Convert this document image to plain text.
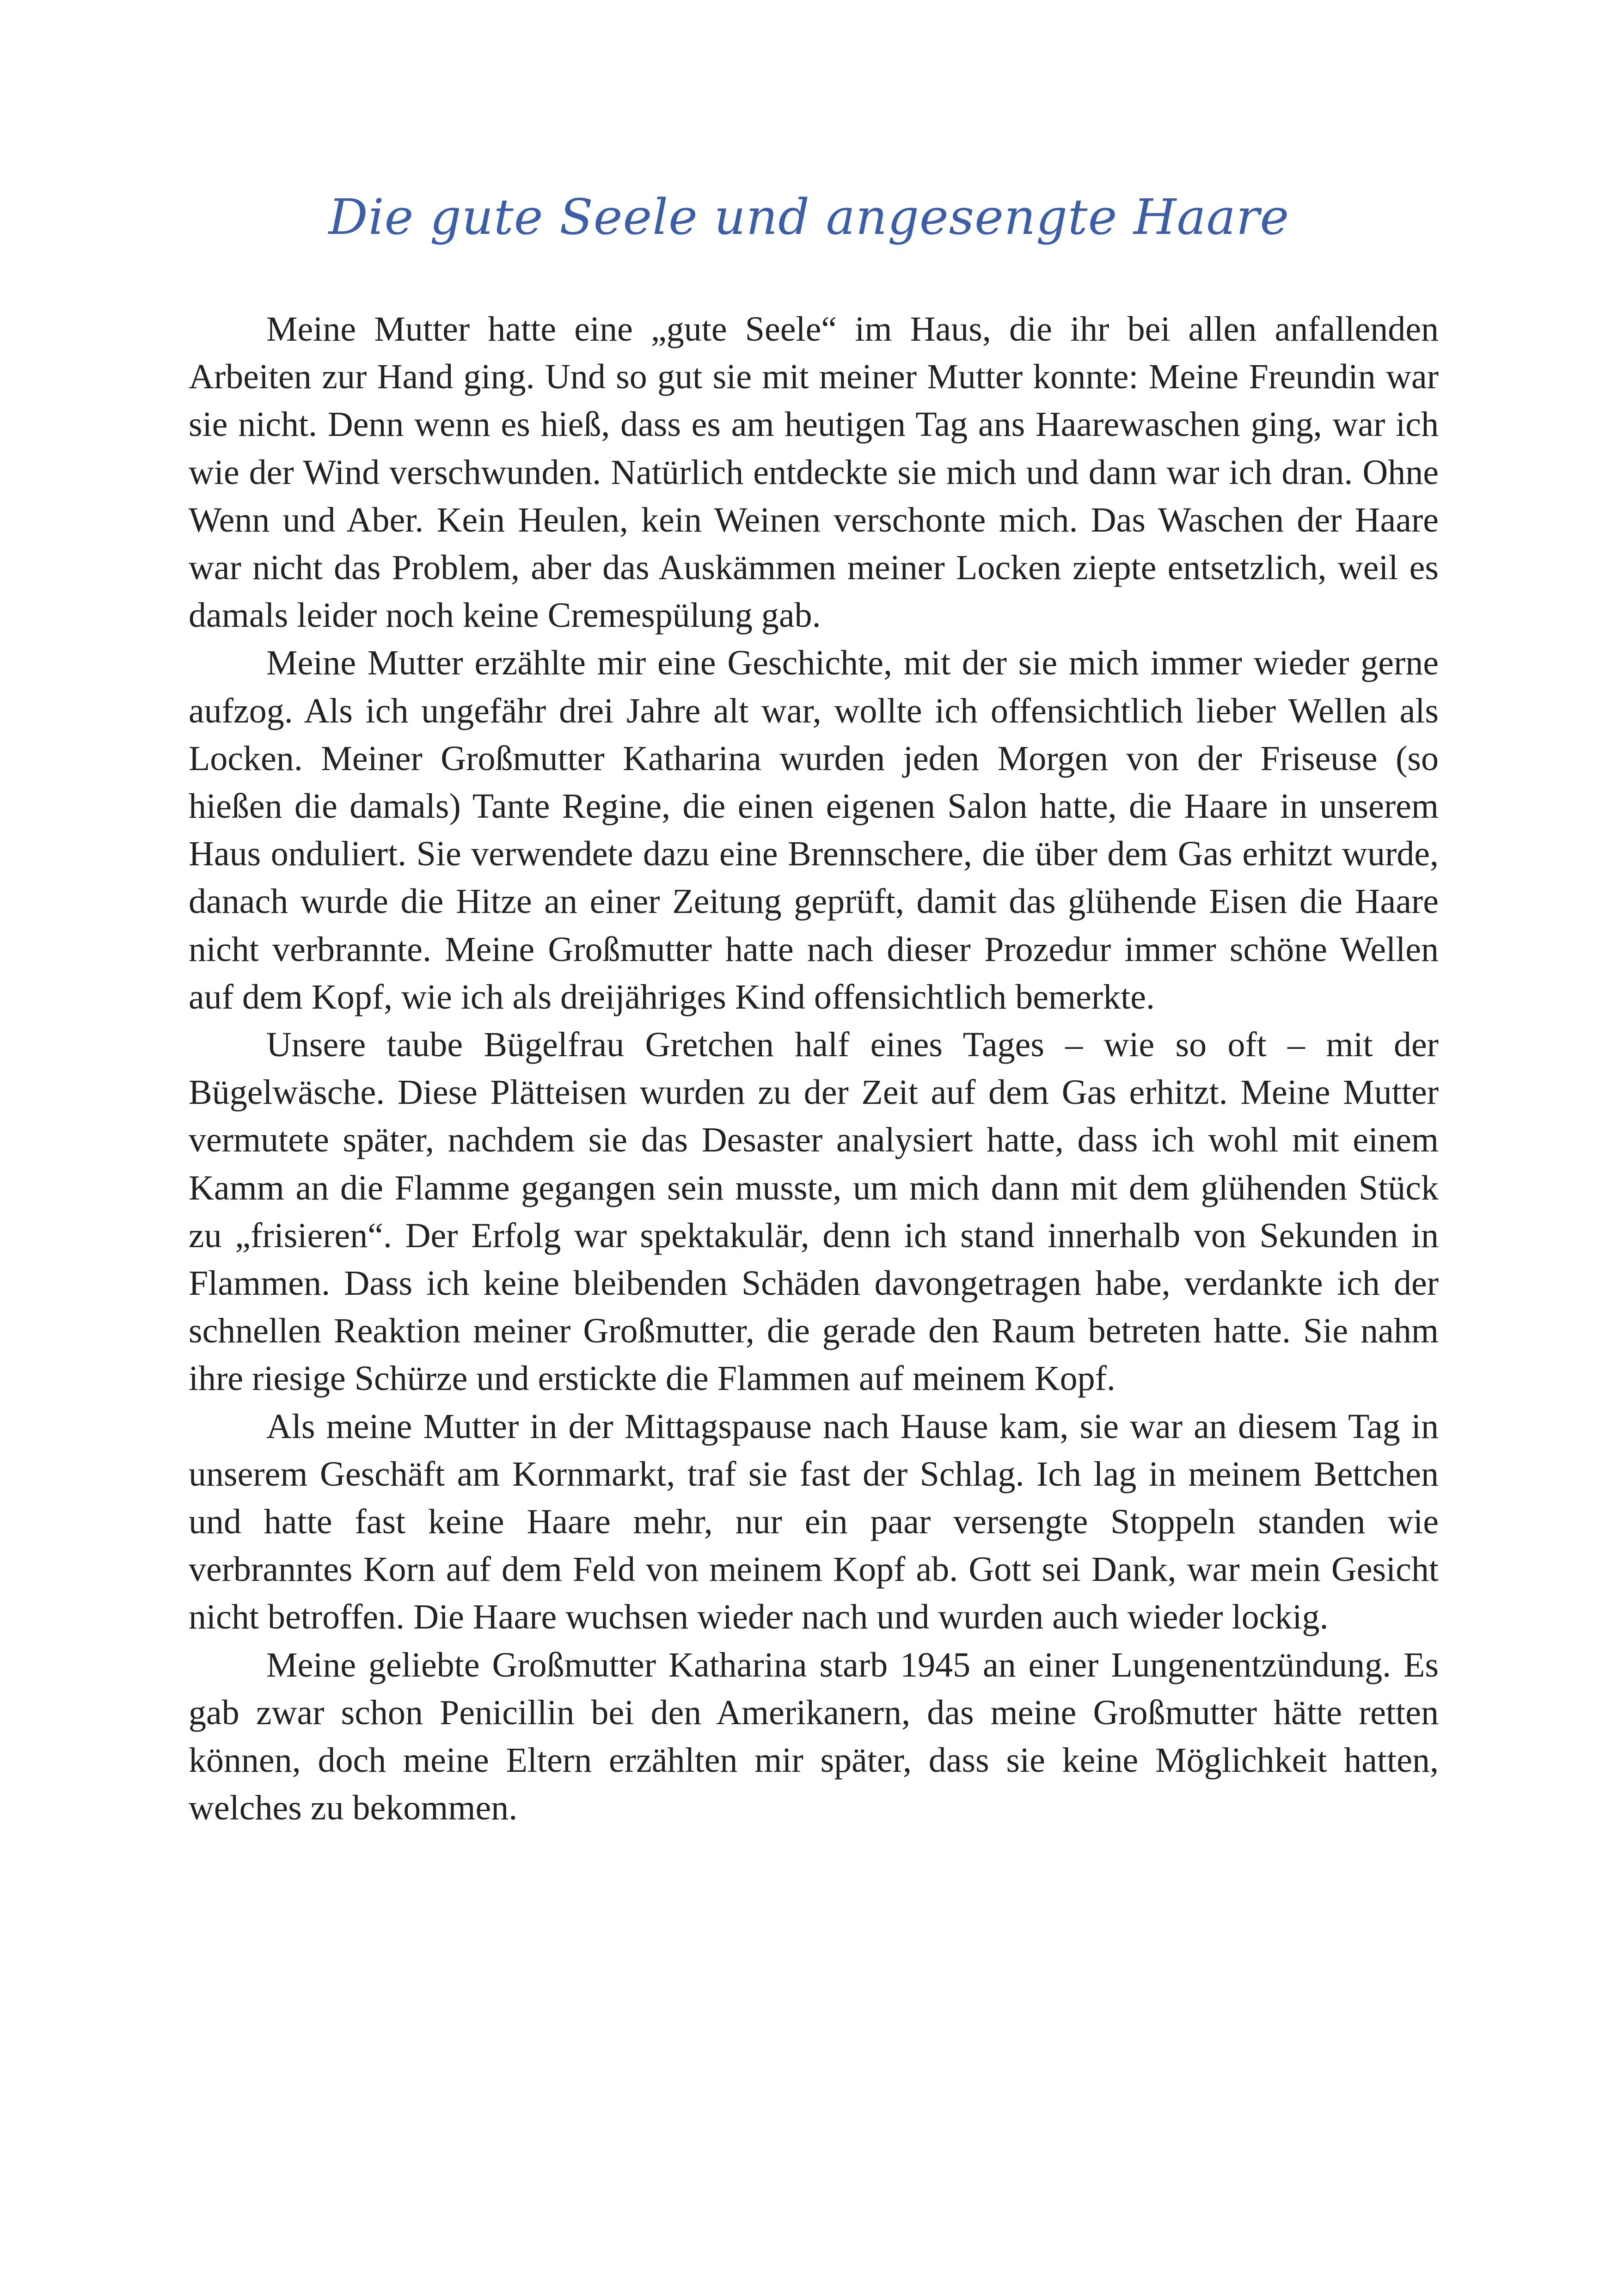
Die gute Seele und angesengte Haare

Meine Mutter hatte eine „gute Seele“ im Haus, die ihr bei allen anfallenden Arbeiten zur Hand ging. Und so gut sie mit meiner Mutter konnte: Meine Freundin war sie nicht. Denn wenn es hieß, dass es am heutigen Tag ans Haarewaschen ging, war ich wie der Wind verschwunden. Natürlich entdeckte sie mich und dann war ich dran. Ohne Wenn und Aber. Kein Heulen, kein Weinen verschonte mich. Das Waschen der Haare war nicht das Problem, aber das Auskämmen meiner Locken ziepte entsetzlich, weil es damals leider noch keine Cremespülung gab.

Meine Mutter erzählte mir eine Geschichte, mit der sie mich immer wieder gerne aufzog. Als ich ungefähr drei Jahre alt war, wollte ich offensichtlich lieber Wellen als Locken. Meiner Großmutter Katharina wurden jeden Morgen von der Friseuse (so hießen die damals) Tante Regine, die einen eigenen Salon hatte, die Haare in unserem Haus onduliert. Sie verwendete dazu eine Brennschere, die über dem Gas erhitzt wurde, danach wurde die Hitze an einer Zeitung geprüft, damit das glühende Eisen die Haare nicht verbrannte. Meine Großmutter hatte nach dieser Prozedur immer schöne Wellen auf dem Kopf, wie ich als dreijähriges Kind offensichtlich bemerkte.

Unsere taube Bügelfrau Gretchen half eines Tages – wie so oft – mit der Bügelwäsche. Diese Plätteisen wurden zu der Zeit auf dem Gas erhitzt. Meine Mutter vermutete später, nachdem sie das Desaster analysiert hatte, dass ich wohl mit einem Kamm an die Flamme gegangen sein musste, um mich dann mit dem glühenden Stück zu „frisieren“. Der Erfolg war spektakulär, denn ich stand innerhalb von Sekunden in Flammen. Dass ich keine bleibenden Schäden davongetragen habe, verdankte ich der schnellen Reaktion meiner Großmutter, die gerade den Raum betreten hatte. Sie nahm ihre riesige Schürze und erstickte die Flammen auf meinem Kopf.

Als meine Mutter in der Mittagspause nach Hause kam, sie war an diesem Tag in unserem Geschäft am Kornmarkt, traf sie fast der Schlag. Ich lag in meinem Bettchen und hatte fast keine Haare mehr, nur ein paar versengte Stoppeln standen wie verbranntes Korn auf dem Feld von meinem Kopf ab. Gott sei Dank, war mein Gesicht nicht betroffen. Die Haare wuchsen wieder nach und wurden auch wieder lockig.

Meine geliebte Großmutter Katharina starb 1945 an einer Lungenentzündung. Es gab zwar schon Penicillin bei den Amerikanern, das meine Großmutter hätte retten können, doch meine Eltern erzählten mir später, dass sie keine Möglichkeit hatten, welches zu bekommen.
